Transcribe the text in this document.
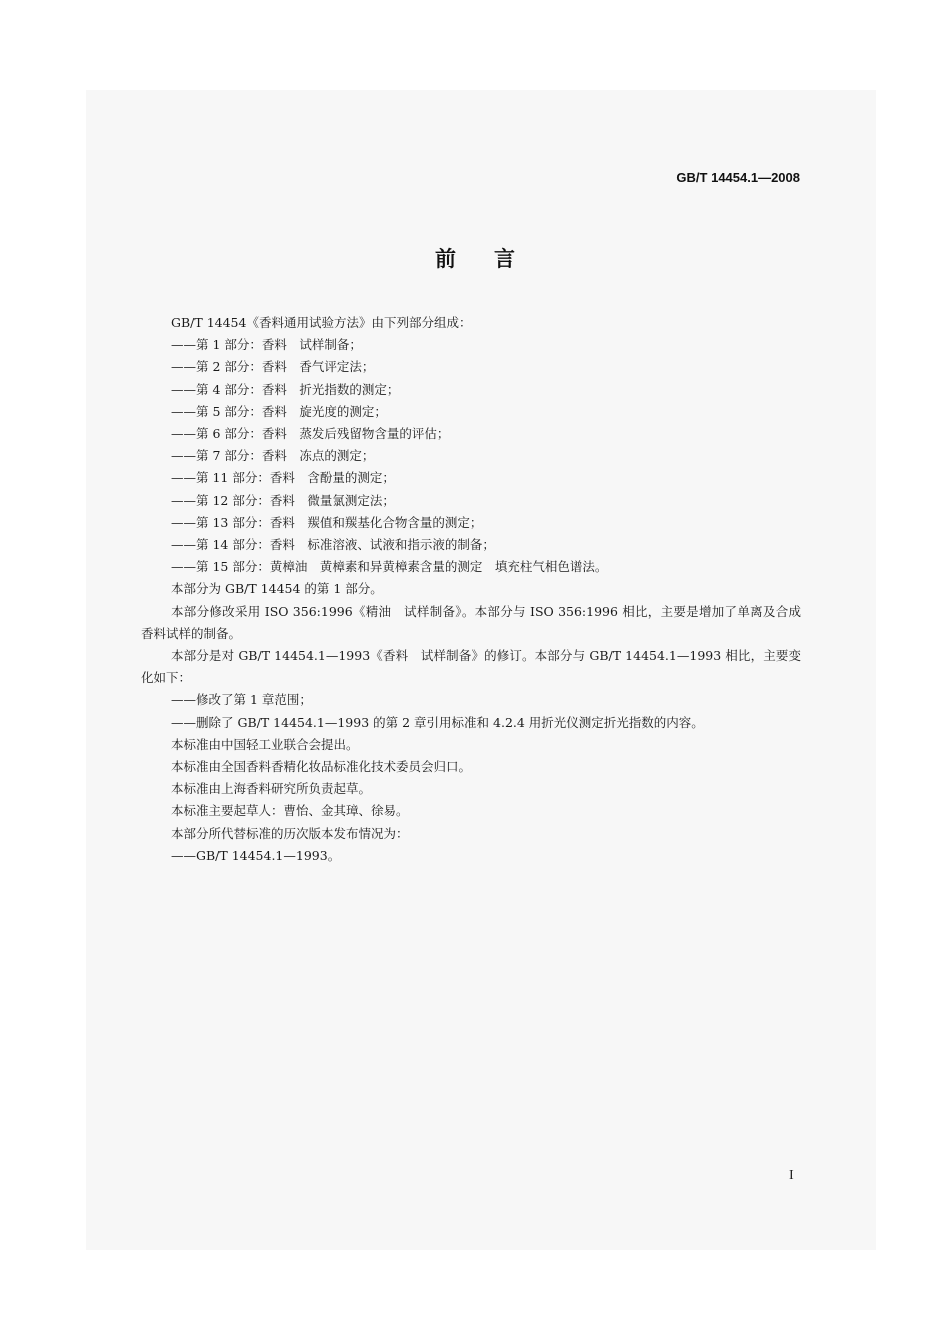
GB/T 14454.1—2008
前言
GB/T 14454《香料通用试验方法》由下列部分组成：
——第 1 部分：香料　试样制备；
——第 2 部分：香料　香气评定法；
——第 4 部分：香料　折光指数的测定；
——第 5 部分：香料　旋光度的测定；
——第 6 部分：香料　蒸发后残留物含量的评估；
——第 7 部分：香料　冻点的测定；
——第 11 部分：香料　含酚量的测定；
——第 12 部分：香料　微量氯测定法；
——第 13 部分：香料　羰值和羰基化合物含量的测定；
——第 14 部分：香料　标准溶液、试液和指示液的制备；
——第 15 部分：黄樟油　黄樟素和异黄樟素含量的测定　填充柱气相色谱法。
本部分为 GB/T 14454 的第 1 部分。
本部分修改采用 ISO 356:1996《精油　试样制备》。本部分与 ISO 356:1996 相比，主要是增加了单离及合成香料试样的制备。
本部分是对 GB/T 14454.1—1993《香料　试样制备》的修订。本部分与 GB/T 14454.1—1993 相比，主要变化如下：
——修改了第 1 章范围；
——删除了 GB/T 14454.1—1993 的第 2 章引用标准和 4.2.4 用折光仪测定折光指数的内容。
本标准由中国轻工业联合会提出。
本标准由全国香料香精化妆品标准化技术委员会归口。
本标准由上海香料研究所负责起草。
本标准主要起草人：曹怡、金其璋、徐易。
本部分所代替标准的历次版本发布情况为：
——GB/T 14454.1—1993。
I
